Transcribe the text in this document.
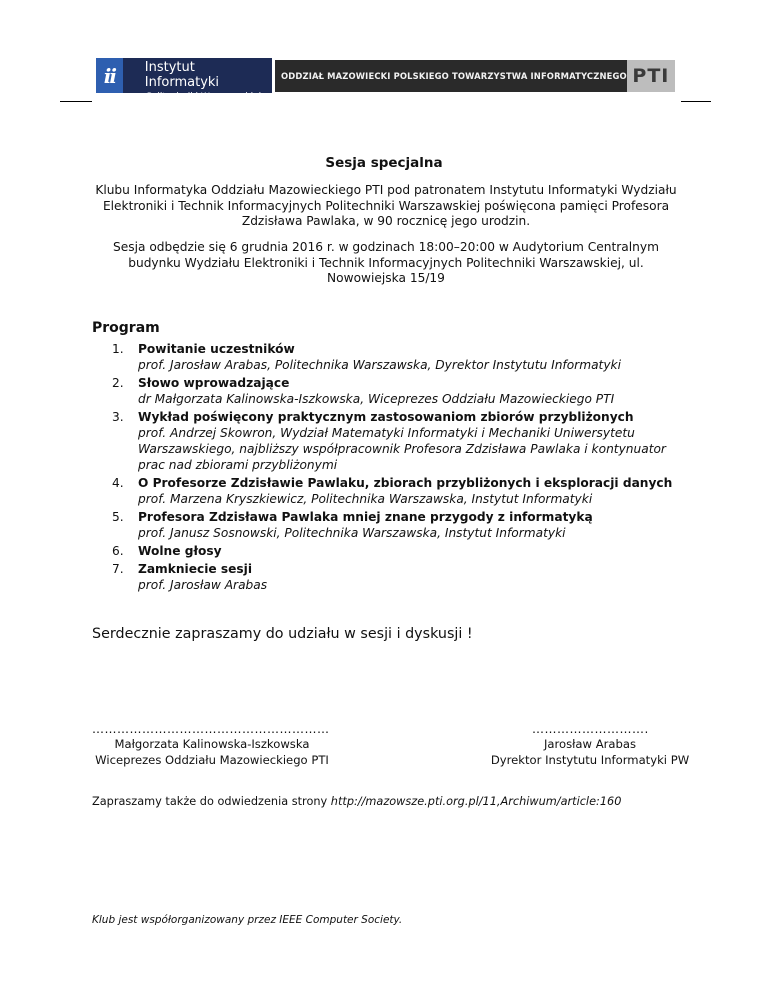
ii	Instytut Informatyki
Politechniki Warszawskiej
ODDZIAŁ MAZOWIECKI POLSKIEGO TOWARZYSTWA INFORMATYCZNEGO PTI
Sesja specjalna
Klubu Informatyka Oddziału Mazowieckiego PTI pod patronatem Instytutu Informatyki Wydziału Elektroniki i Technik Informacyjnych Politechniki Warszawskiej poświęcona pamięci Profesora Zdzisława Pawlaka, w 90 rocznicę jego urodzin.
Sesja odbędzie się 6 grudnia 2016 r. w godzinach 18:00–20:00 w Audytorium Centralnym budynku Wydziału Elektroniki i Technik Informacyjnych Politechniki Warszawskiej, ul. Nowowiejska 15/19
Program
1. Powitanie uczestników
prof. Jarosław Arabas, Politechnika Warszawska, Dyrektor Instytutu Informatyki
2. Słowo wprowadzające
dr Małgorzata Kalinowska-Iszkowska, Wiceprezes Oddziału Mazowieckiego PTI
3. Wykład poświęcony praktycznym zastosowaniom zbiorów przybliżonych
prof. Andrzej Skowron, Wydział Matematyki Informatyki i Mechaniki Uniwersytetu Warszawskiego, najbliższy współpracownik Profesora Zdzisława Pawlaka i kontynuator prac nad zbiorami przybliżonymi
4. O Profesorze Zdzisławie Pawlaku, zbiorach przybliżonych i eksploracji danych
prof. Marzena Kryszkiewicz, Politechnika Warszawska, Instytut Informatyki
5. Profesora Zdzisława Pawlaka mniej znane przygody z informatyką
prof. Janusz Sosnowski, Politechnika Warszawska, Instytut Informatyki
6. Wolne głosy
7. Zamkniecie sesji
prof. Jarosław Arabas
Serdecznie zapraszamy do udziału w sesji i dyskusji !
…………………………………………………
Małgorzata Kalinowska-Iszkowska
Wiceprezes Oddziału Mazowieckiego PTI
……………………….
Jarosław Arabas
Dyrektor Instytutu Informatyki PW
Zapraszamy także do odwiedzenia strony http://mazowsze.pti.org.pl/11,Archiwum/article:160
Klub jest współorganizowany przez IEEE Computer Society.
